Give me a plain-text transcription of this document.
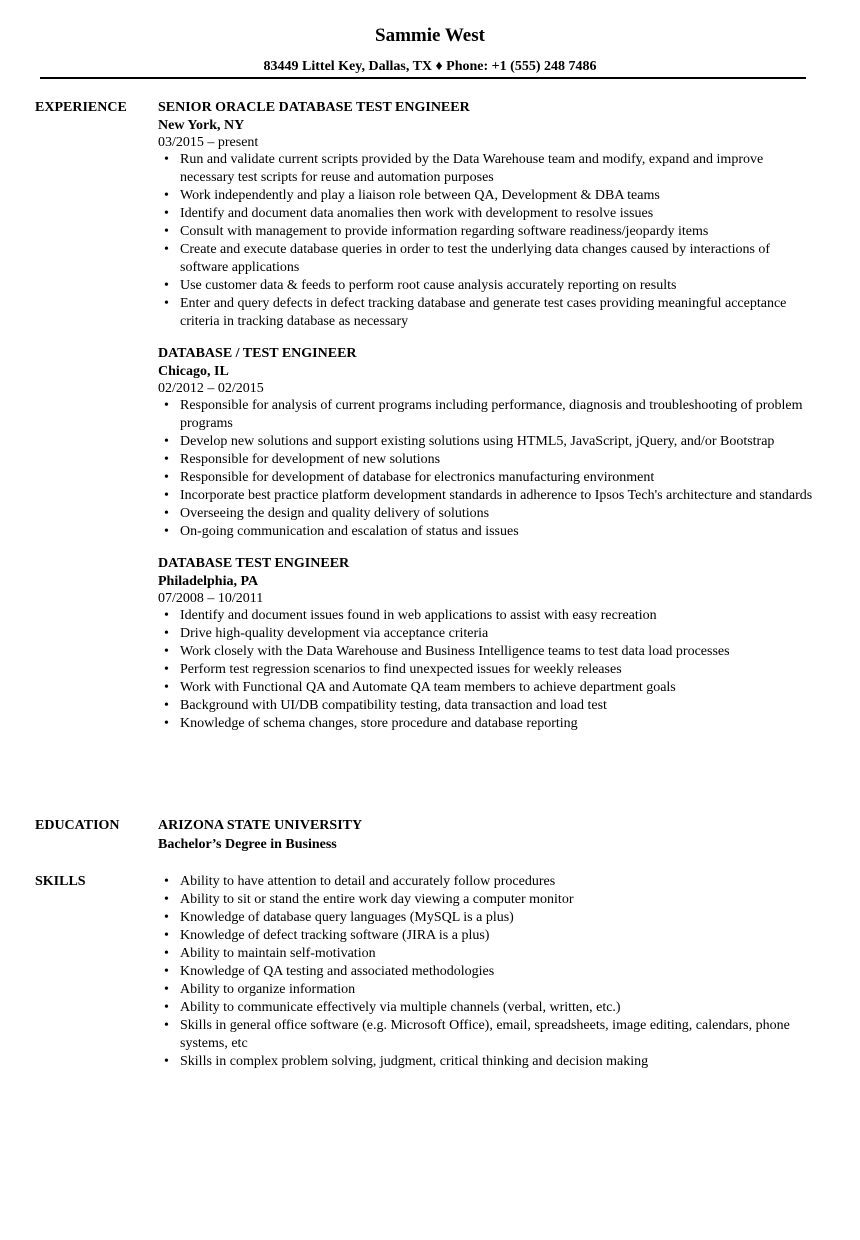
Sammie West
83449 Littel Key, Dallas, TX ♦ Phone: +1 (555) 248 7486
EXPERIENCE SENIOR ORACLE DATABASE TEST ENGINEER
New York, NY
03/2015 – present
• Run and validate current scripts provided by the Data Warehouse team and modify, expand and improve necessary test scripts for reuse and automation purposes
• Work independently and play a liaison role between QA, Development & DBA teams
• Identify and document data anomalies then work with development to resolve issues
• Consult with management to provide information regarding software readiness/jeopardy items
• Create and execute database queries in order to test the underlying data changes caused by interactions of software applications
• Use customer data & feeds to perform root cause analysis accurately reporting on results
• Enter and query defects in defect tracking database and generate test cases providing meaningful acceptance criteria in tracking database as necessary
DATABASE / TEST ENGINEER
Chicago, IL
02/2012 – 02/2015
• Responsible for analysis of current programs including performance, diagnosis and troubleshooting of problem programs
• Develop new solutions and support existing solutions using HTML5, JavaScript, jQuery, and/or Bootstrap
• Responsible for development of new solutions
• Responsible for development of database for electronics manufacturing environment
• Incorporate best practice platform development standards in adherence to Ipsos Tech's architecture and standards
• Overseeing the design and quality delivery of solutions
• On-going communication and escalation of status and issues
DATABASE TEST ENGINEER
Philadelphia, PA
07/2008 – 10/2011
• Identify and document issues found in web applications to assist with easy recreation
• Drive high-quality development via acceptance criteria
• Work closely with the Data Warehouse and Business Intelligence teams to test data load processes
• Perform test regression scenarios to find unexpected issues for weekly releases
• Work with Functional QA and Automate QA team members to achieve department goals
• Background with UI/DB compatibility testing, data transaction and load test
• Knowledge of schema changes, store procedure and database reporting
EDUCATION	ARIZONA STATE UNIVERSITY
Bachelor’s Degree in Business
SKILLS	• Ability to have attention to detail and accurately follow procedures
• Ability to sit or stand the entire work day viewing a computer monitor
• Knowledge of database query languages (MySQL is a plus)
• Knowledge of defect tracking software (JIRA is a plus)
• Ability to maintain self-motivation
• Knowledge of QA testing and associated methodologies
• Ability to organize information
• Ability to communicate effectively via multiple channels (verbal, written, etc.)
• Skills in general office software (e.g. Microsoft Office), email, spreadsheets, image editing, calendars, phone systems, etc
• Skills in complex problem solving, judgment, critical thinking and decision making
